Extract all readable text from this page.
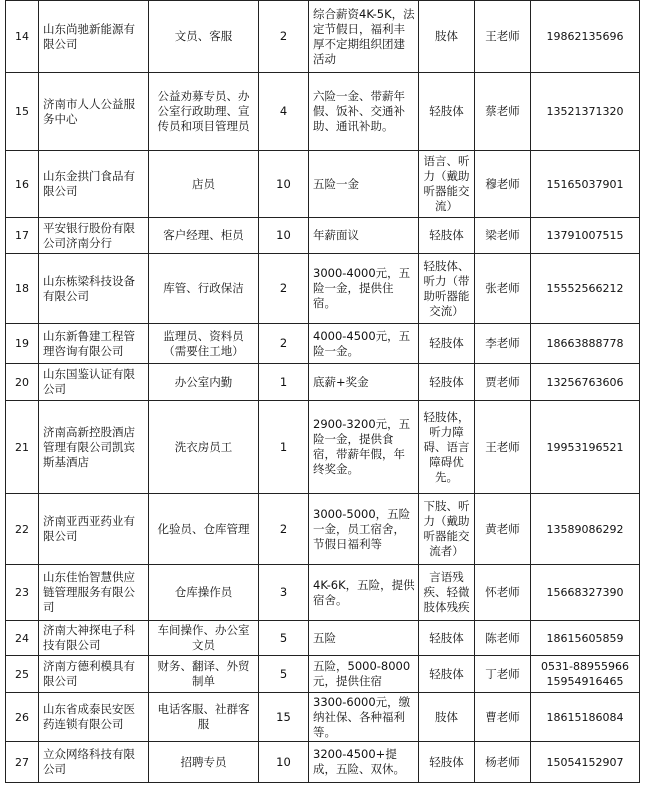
14	山东尚驰新能源有限公司	文员、客服	2	综合薪资4K-5K，法定节假日，福利丰厚不定期组织团建活动	肢体	王老师	19862135696
15	济南市人人公益服务中心	公益劝募专员、办公室行政助理、宣传员和项目管理员	4	六险一金、带薪年假、饭补、交通补助、通讯补助。	轻肢体	蔡老师	13521371320
16	山东金拱门食品有限公司	店员	10	五险一金	语言、听力（戴助听器能交流）	穆老师	15165037901
17	平安银行股份有限公司济南分行	客户经理、柜员	10	年薪面议	轻肢体	梁老师	13791007515
18	山东栋梁科技设备有限公司	库管、行政保洁	2	3000-4000元，五险一金，提供住宿。	轻肢体、听力（带助听器能交流）	张老师	15552566212
19	山东新鲁建工程管理咨询有限公司	监理员、资料员（需要住工地）	2	4000-4500元，五险一金。	轻肢体	李老师	18663888778
20	山东国鉴认证有限公司	办公室内勤	1	底薪+奖金	轻肢体	贾老师	13256763606
21	济南高新控股酒店管理有限公司凯宾斯基酒店	洗衣房员工	1	2900-3200元，五险一金，提供食宿，带薪年假，年终奖金。	轻肢体，听力障碍、语言障碍优先。	王老师	19953196521
22	济南亚西亚药业有限公司	化验员、仓库管理	2	3000-5000，五险一金，员工宿舍，节假日福利等	下肢、听力（戴助听器能交流者）	黄老师	13589086292
23	山东佳怡智慧供应链管理服务有限公司	仓库操作员	3	4K-6K，五险，提供宿舍。	言语残疾、轻微肢体残疾	怀老师	15668327390
24	济南大神探电子科技有限公司	车间操作、办公室文员	5	五险	轻肢体	陈老师	18615605859
25	济南方德利模具有限公司	财务、翻译、外贸制单	5	五险，5000-8000元，提供住宿	轻肢体	丁老师	0531-88955966 15954916465
26	山东省成泰民安医药连锁有限公司	电话客服、社群客服	15	3300-6000元，缴纳社保、各种福利等。	肢体	曹老师	18615186084
27	立众网络科技有限公司	招聘专员	10	3200-4500+提成，五险、双休。	轻肢体	杨老师	15054152907
